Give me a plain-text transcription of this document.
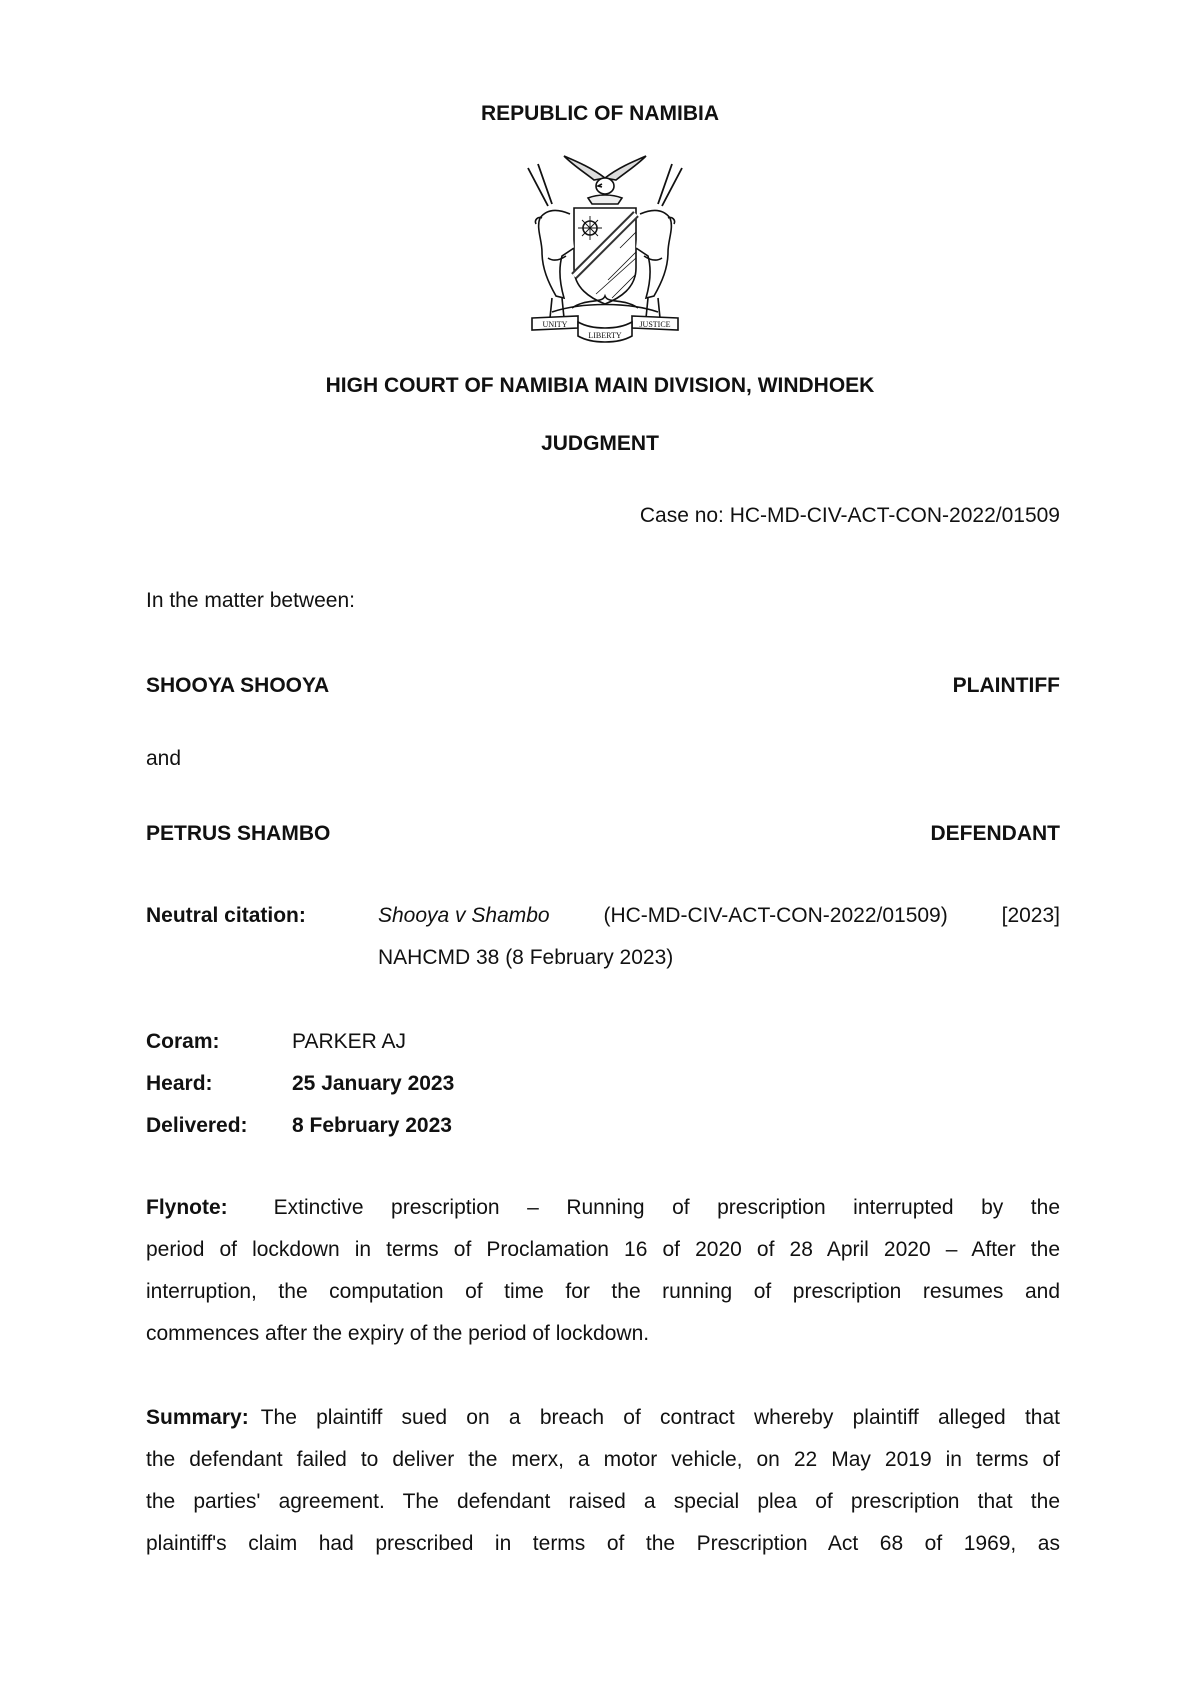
REPUBLIC OF NAMIBIA
UNITY
LIBERTY
JUSTICE
HIGH COURT OF NAMIBIA MAIN DIVISION, WINDHOEK
JUDGMENT
Case no: HC-MD-CIV-ACT-CON-2022/01509
In the matter between:
SHOOYA SHOOYA	PLAINTIFF
and
PETRUS SHAMBO	DEFENDANT
Neutral citation:	Shooya v Shambo	(HC-MD-CIV-ACT-CON-2022/01509)	[2023]
NAHCMD 38 (8 February 2023)
Coram:	PARKER AJ
Heard:	25 January 2023
Delivered: 8 February 2023
Flynote: Extinctive prescription – Running of prescription interrupted by the
period of lockdown in terms of Proclamation 16 of 2020 of 28 April 2020 – After the
interruption, the computation of time for the running of prescription resumes and
commences after the expiry of the period of lockdown.
Summary: The plaintiff sued on a breach of contract whereby plaintiff alleged that
the defendant failed to deliver the merx, a motor vehicle, on 22 May 2019 in terms of
the parties' agreement. The defendant raised a special plea of prescription that the
plaintiff's claim had prescribed in terms of the Prescription Act 68 of 1969, as
